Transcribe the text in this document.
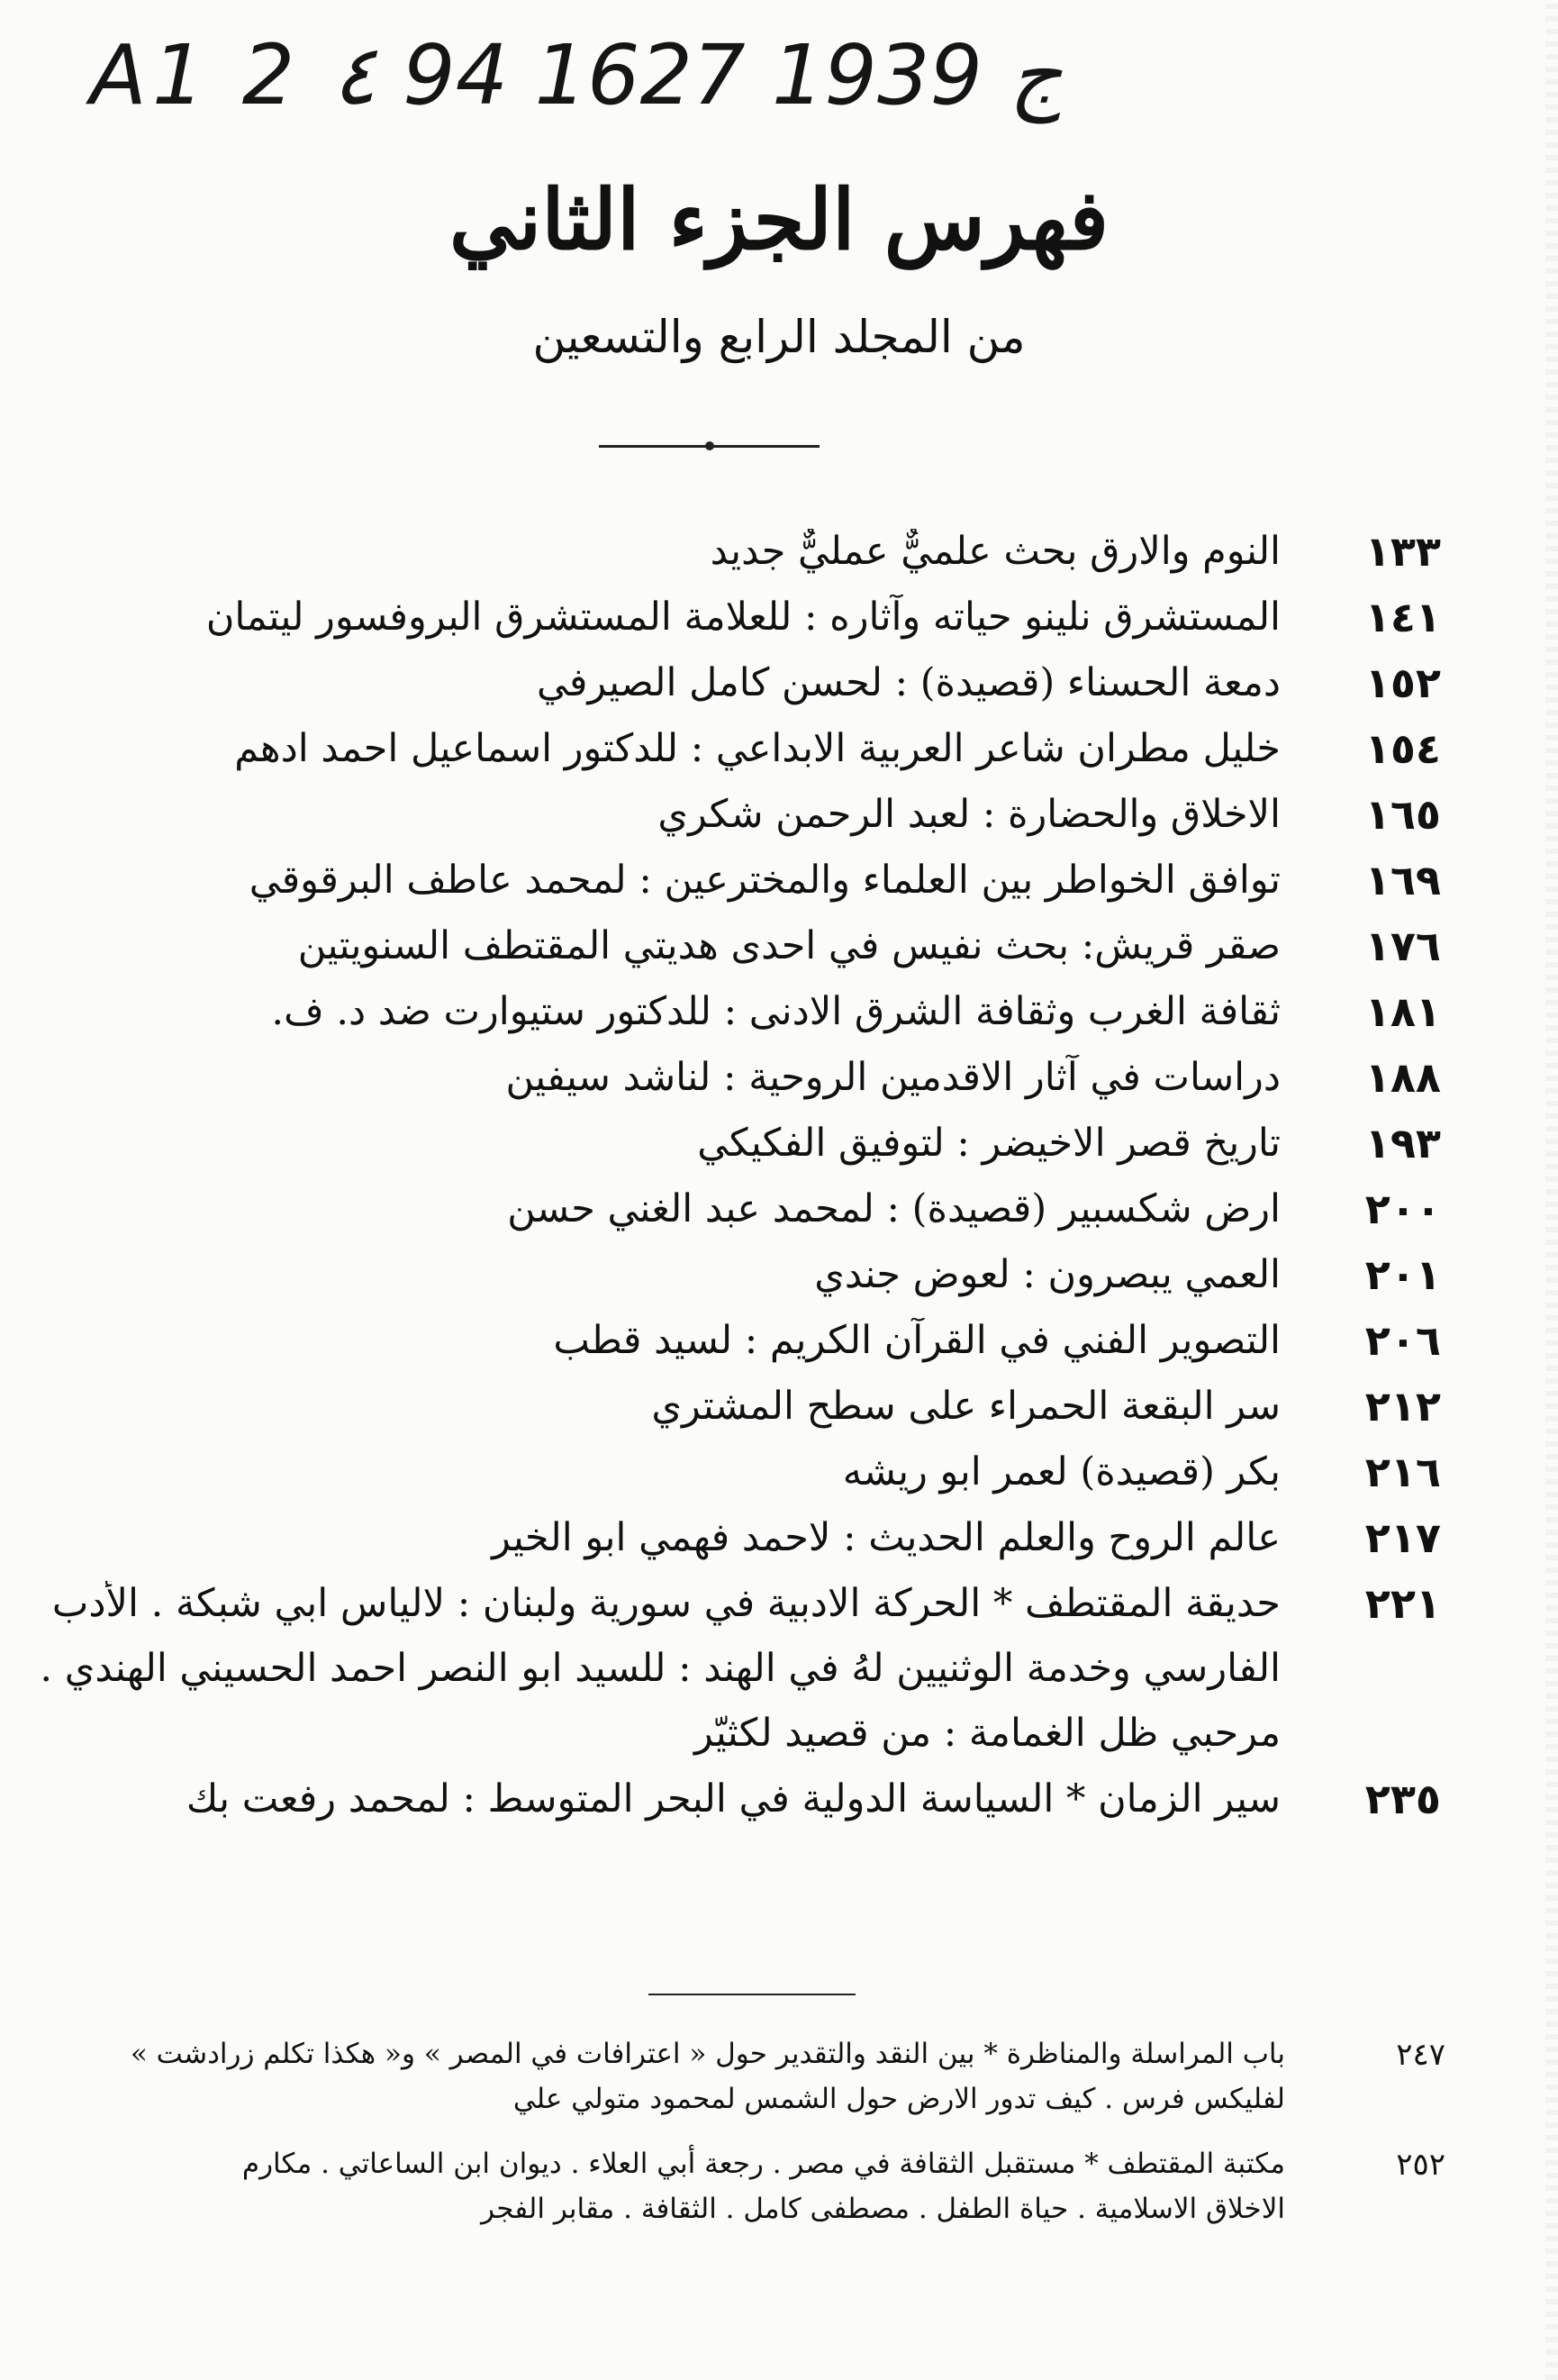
A1 2 ٤ 94 ج 1939 1627
فهرس الجزء الثاني
من المجلد الرابع والتسعين
١٣٣
النوم والارق بحث علميٌّ عمليٌّ جديد
١٤١
المستشرق نلينو حياته وآثاره : للعلامة المستشرق البروفسور ليتمان
١٥٢
دمعة الحسناء (قصيدة) : لحسن كامل الصيرفي
١٥٤
خليل مطران شاعر العربية الابداعي : للدكتور اسماعيل احمد ادهم
١٦٥
الاخلاق والحضارة : لعبد الرحمن شكري
١٦٩
توافق الخواطر بين العلماء والمخترعين : لمحمد عاطف البرقوقي
١٧٦
صقر قريش: بحث نفيس في احدى هديتي المقتطف السنويتين
١٨١
ثقافة الغرب وثقافة الشرق الادنى : للدكتور ستيوارت ضد د. ف.
١٨٨
دراسات في آثار الاقدمين الروحية : لناشد سيفين
١٩٣
تاريخ قصر الاخيضر : لتوفيق الفكيكي
٢٠٠
ارض شكسبير (قصيدة) : لمحمد عبد الغني حسن
٢٠١
العمي يبصرون : لعوض جندي
٢٠٦
التصوير الفني في القرآن الكريم : لسيد قطب
٢١٢
سر البقعة الحمراء على سطح المشتري
٢١٦
بكر (قصيدة) لعمر ابو ريشه
٢١٧
عالم الروح والعلم الحديث : لاحمد فهمي ابو الخير
٢٢١
حديقة المقتطف * الحركة الادبية في سورية ولبنان : لالياس ابي شبكة . الأدب
الفارسي وخدمة الوثنيين لهُ في الهند : للسيد ابو النصر احمد الحسيني الهندي .
مرحبي ظل الغمامة : من قصيد لكثيّر
٢٣٥
سير الزمان * السياسة الدولية في البحر المتوسط : لمحمد رفعت بك
٢٤٧
باب المراسلة والمناظرة * بين النقد والتقدير حول « اعترافات في المصر » و« هكذا تكلم زرادشت »
لفليكس فرس . كيف تدور الارض حول الشمس لمحمود متولي علي
٢٥٢
مكتبة المقتطف * مستقبل الثقافة في مصر . رجعة أبي العلاء . ديوان ابن الساعاتي . مكارم
الاخلاق الاسلامية . حياة الطفل . مصطفى كامل . الثقافة . مقابر الفجر
